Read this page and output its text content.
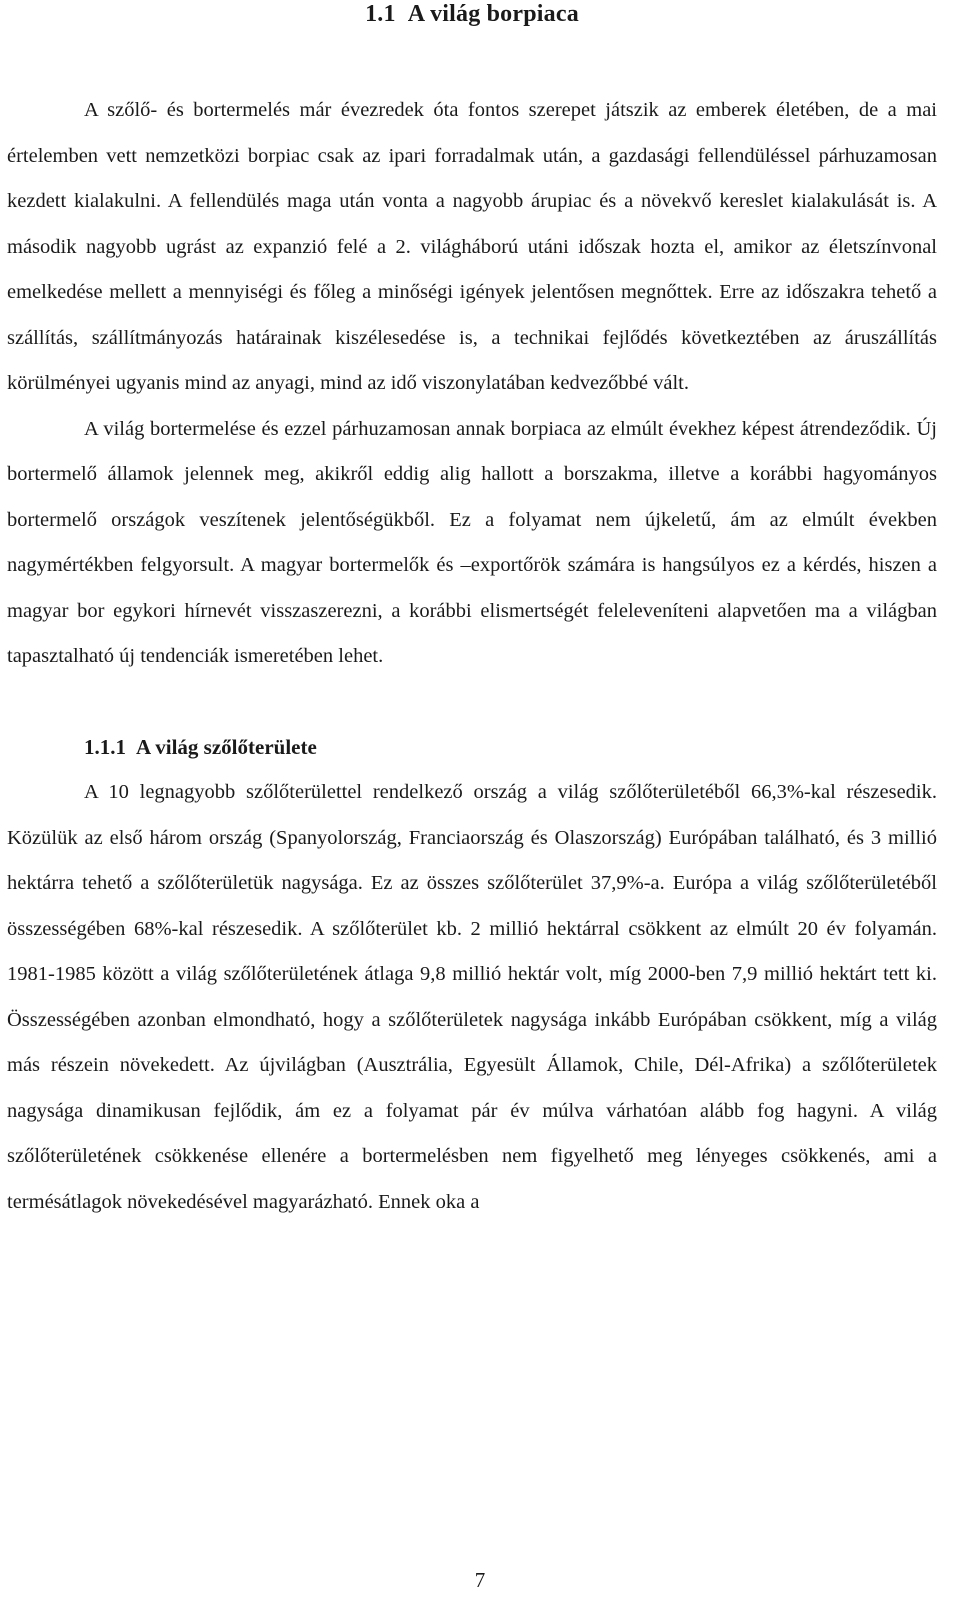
1.1 A világ borpiaca

A szőlő- és bortermelés már évezredek óta fontos szerepet játszik az emberek életében, de a mai értelemben vett nemzetközi borpiac csak az ipari forradalmak után, a gazdasági fellendüléssel párhuzamosan kezdett kialakulni. A fellendülés maga után vonta a nagyobb árupiac és a növekvő kereslet kialakulását is. A második nagyobb ugrást az expanzió felé a 2. világháború utáni időszak hozta el, amikor az életszínvonal emelkedése mellett a mennyiségi és főleg a minőségi igények jelentősen megnőttek. Erre az időszakra tehető a szállítás, szállítmányozás határainak kiszélesedése is, a technikai fejlődés következtében az áruszállítás körülményei ugyanis mind az anyagi, mind az idő viszonylatában kedvezőbbé vált.

A világ bortermelése és ezzel párhuzamosan annak borpiaca az elmúlt évekhez képest átrendeződik. Új bortermelő államok jelennek meg, akikről eddig alig hallott a borszakma, illetve a korábbi hagyományos bortermelő országok veszítenek jelentőségükből. Ez a folyamat nem újkeletű, ám az elmúlt években nagymértékben felgyorsult. A magyar bortermelők és –exportőrök számára is hangsúlyos ez a kérdés, hiszen a magyar bor egykori hírnevét visszaszerezni, a korábbi elismertségét feleleveníteni alapvetően ma a világban tapasztalható új tendenciák ismeretében lehet.

1.1.1 A világ szőlőterülete

A 10 legnagyobb szőlőterülettel rendelkező ország a világ szőlőterületéből 66,3%-kal részesedik. Közülük az első három ország (Spanyolország, Franciaország és Olaszország) Európában található, és 3 millió hektárra tehető a szőlőterületük nagysága. Ez az összes szőlőterület 37,9%-a. Európa a világ szőlőterületéből összességében 68%-kal részesedik. A szőlőterület kb. 2 millió hektárral csökkent az elmúlt 20 év folyamán. 1981-1985 között a világ szőlőterületének átlaga 9,8 millió hektár volt, míg 2000-ben 7,9 millió hektárt tett ki. Összességében azonban elmondható, hogy a szőlőterületek nagysága inkább Európában csökkent, míg a világ más részein növekedett. Az újvilágban (Ausztrália, Egyesült Államok, Chile, Dél-Afrika) a szőlőterületek nagysága dinamikusan fejlődik, ám ez a folyamat pár év múlva várhatóan alább fog hagyni. A világ szőlőterületének csökkenése ellenére a bortermelésben nem figyelhető meg lényeges csökkenés, ami a termésátlagok növekedésével magyarázható. Ennek oka a

7
